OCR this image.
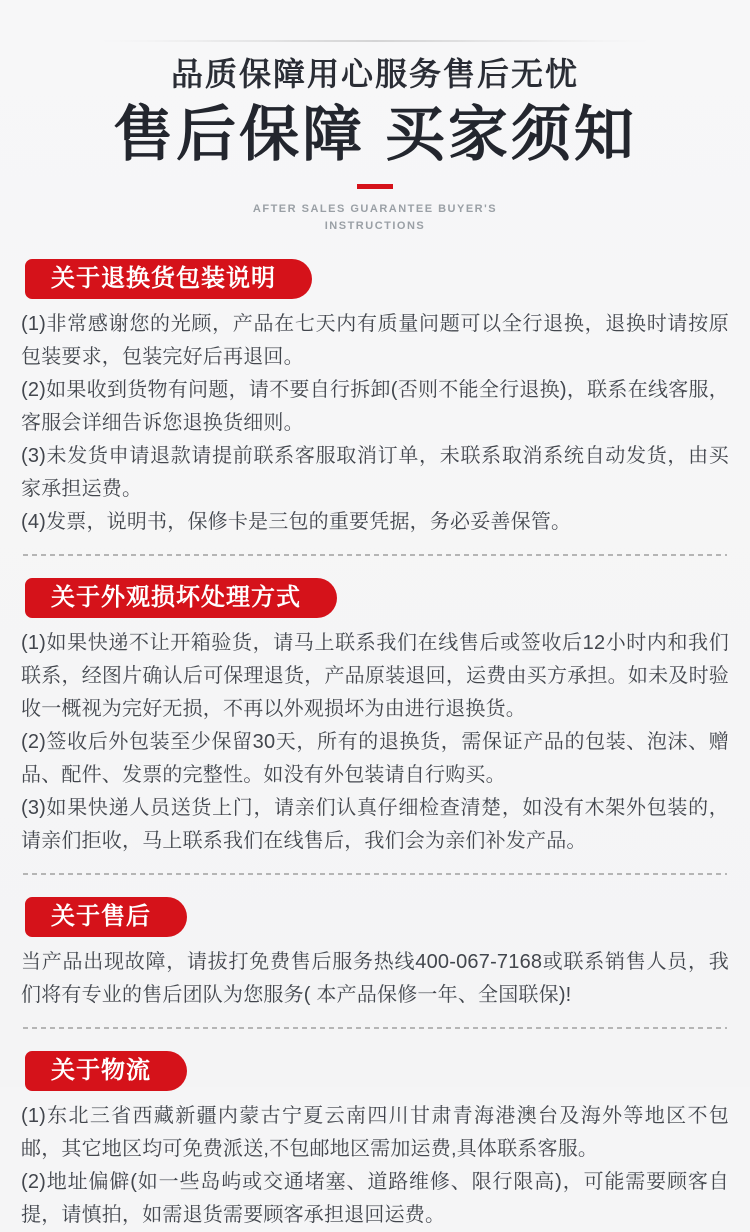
品质保障用心服务售后无忧
售后保障 买家须知
AFTER SALES GUARANTEE BUYER'S
INSTRUCTIONS
关于退换货包装说明
(1)非常感谢您的光顾，产品在七天内有质量问题可以全行退换，退换时请按原包装要求，包装完好后再退回。
(2)如果收到货物有问题，请不要自行拆卸(否则不能全行退换)，联系在线客服，客服会详细告诉您退换货细则。
(3)未发货申请退款请提前联系客服取消订单，未联系取消系统自动发货，由买家承担运费。
(4)发票，说明书，保修卡是三包的重要凭据，务必妥善保管。
关于外观损坏处理方式
(1)如果快递不让开箱验货，请马上联系我们在线售后或签收后12小时内和我们联系，经图片确认后可保理退货，产品原装退回，运费由买方承担。如未及时验收一概视为完好无损，不再以外观损坏为由进行退换货。
(2)签收后外包装至少保留30天，所有的退换货，需保证产品的包装、泡沫、赠品、配件、发票的完整性。如没有外包装请自行购买。
(3)如果快递人员送货上门，请亲们认真仔细检查清楚，如没有木架外包装的，请亲们拒收，马上联系我们在线售后，我们会为亲们补发产品。
关于售后
当产品出现故障，请拔打免费售后服务热线400-067-7168或联系销售人员，我们将有专业的售后团队为您服务( 本产品保修一年、全国联保)!
关于物流
(1)东北三省西藏新疆内蒙古宁夏云南四川甘肃青海港澳台及海外等地区不包邮，其它地区均可免费派送,不包邮地区需加运费,具体联系客服。
(2)地址偏僻(如一些岛屿或交通堵塞、道路维修、限行限高)，可能需要顾客自提，请慎拍，如需退货需要顾客承担退回运费。
